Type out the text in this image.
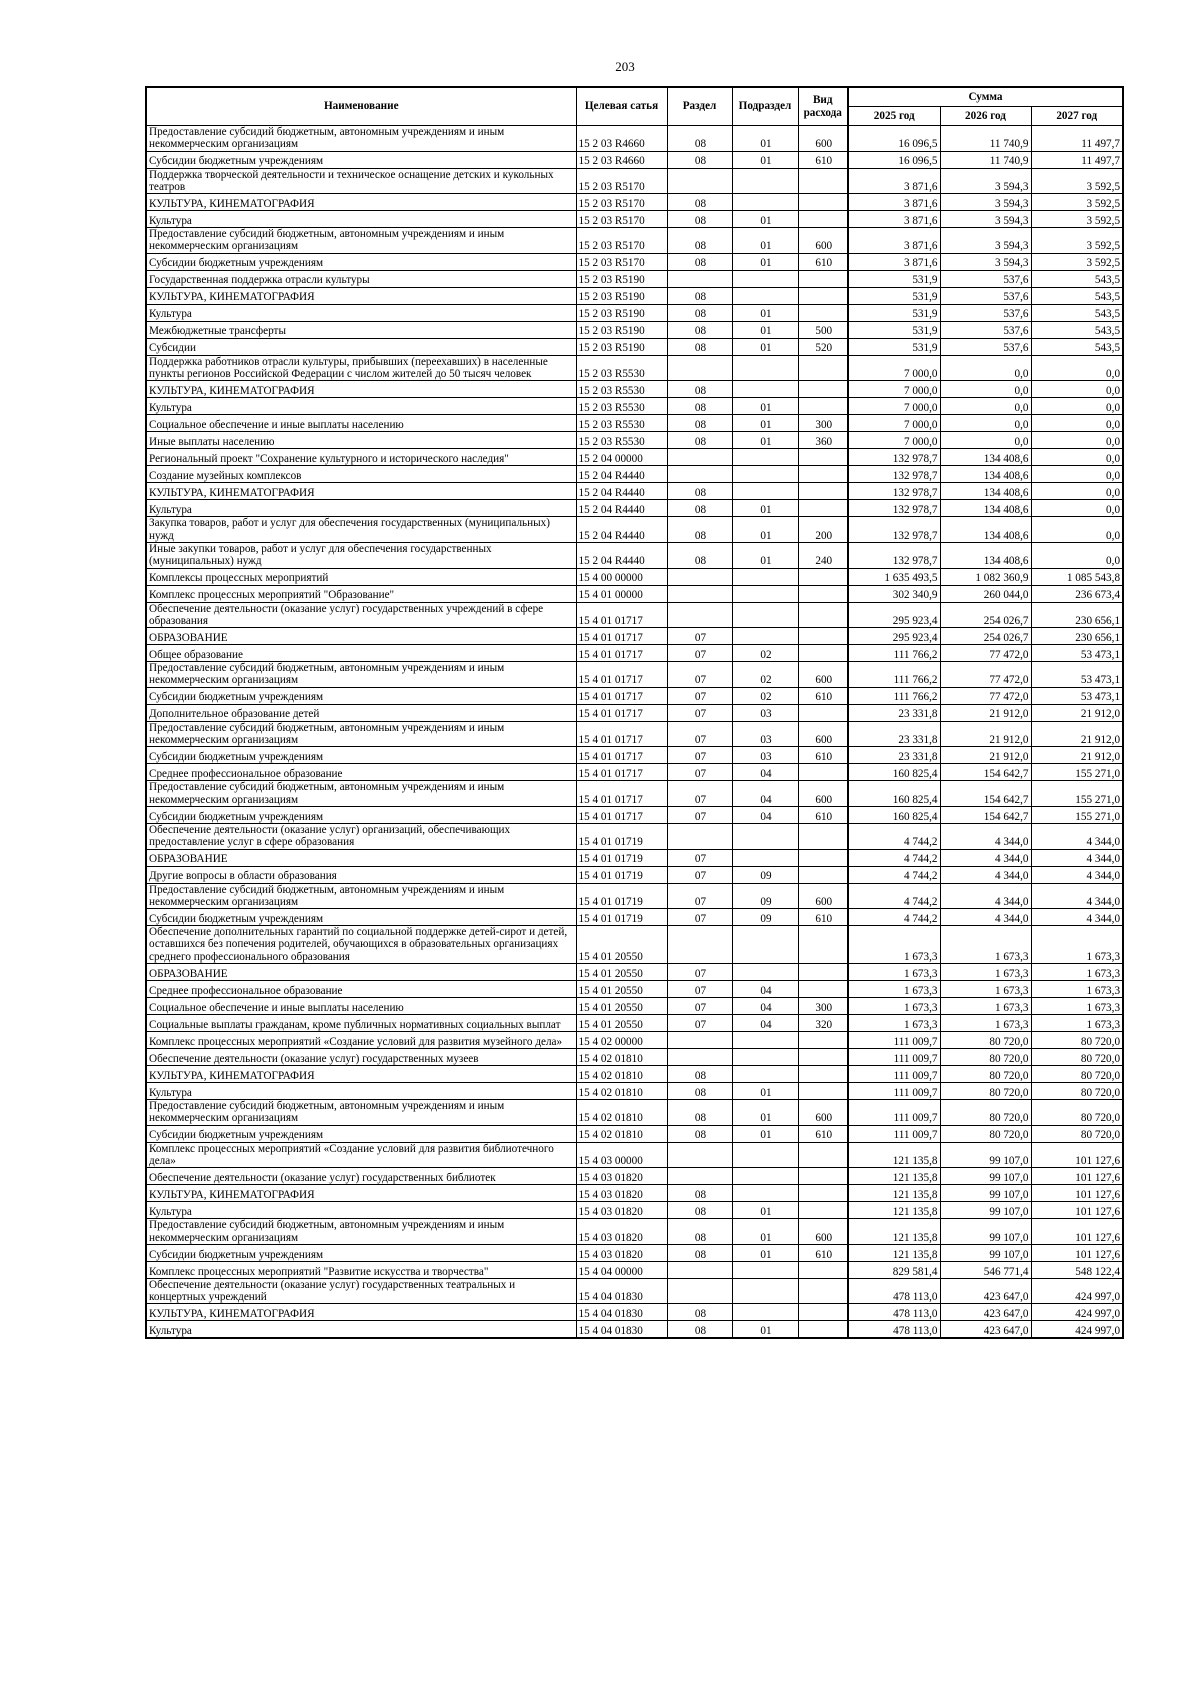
203
Наименование	Целевая сатья	Раздел	Подраздел	Вид расхода	Сумма		
					2025 год	2026 год	2027 год
Предоставление субсидий бюджетным, автономным учреждениям и иным некоммерческим организациям	15 2 03 R4660	08	01	600	16 096,5	11 740,9	11 497,7
Субсидии бюджетным учреждениям	15 2 03 R4660	08	01	610	16 096,5	11 740,9	11 497,7
Поддержка творческой деятельности и техническое оснащение детских и кукольных театров	15 2 03 R5170				3 871,6	3 594,3	3 592,5
КУЛЬТУРА, КИНЕМАТОГРАФИЯ	15 2 03 R5170	08			3 871,6	3 594,3	3 592,5
Культура	15 2 03 R5170	08	01		3 871,6	3 594,3	3 592,5
Предоставление субсидий бюджетным, автономным учреждениям и иным некоммерческим организациям	15 2 03 R5170	08	01	600	3 871,6	3 594,3	3 592,5
Субсидии бюджетным учреждениям	15 2 03 R5170	08	01	610	3 871,6	3 594,3	3 592,5
Государственная поддержка отрасли культуры	15 2 03 R5190				531,9	537,6	543,5
КУЛЬТУРА, КИНЕМАТОГРАФИЯ	15 2 03 R5190	08			531,9	537,6	543,5
Культура	15 2 03 R5190	08	01		531,9	537,6	543,5
Межбюджетные трансферты	15 2 03 R5190	08	01	500	531,9	537,6	543,5
Субсидии	15 2 03 R5190	08	01	520	531,9	537,6	543,5
Поддержка работников отрасли культуры, прибывших (переехавших) в населенные пункты регионов Российской Федерации с числом жителей до 50 тысяч человек	15 2 03 R5530				7 000,0	0,0	0,0
КУЛЬТУРА, КИНЕМАТОГРАФИЯ	15 2 03 R5530	08			7 000,0	0,0	0,0
Культура	15 2 03 R5530	08	01		7 000,0	0,0	0,0
Социальное обеспечение и иные выплаты населению	15 2 03 R5530	08	01	300	7 000,0	0,0	0,0
Иные выплаты населению	15 2 03 R5530	08	01	360	7 000,0	0,0	0,0
Региональный проект "Сохранение культурного и исторического наследия"	15 2 04 00000				132 978,7	134 408,6	0,0
Создание музейных комплексов	15 2 04 R4440				132 978,7	134 408,6	0,0
КУЛЬТУРА, КИНЕМАТОГРАФИЯ	15 2 04 R4440	08			132 978,7	134 408,6	0,0
Культура	15 2 04 R4440	08	01		132 978,7	134 408,6	0,0
Закупка товаров, работ и услуг для обеспечения государственных (муниципальных) нужд	15 2 04 R4440	08	01	200	132 978,7	134 408,6	0,0
Иные закупки товаров, работ и услуг для обеспечения государственных (муниципальных) нужд	15 2 04 R4440	08	01	240	132 978,7	134 408,6	0,0
Комплексы процессных мероприятий	15 4 00 00000				1 635 493,5	1 082 360,9	1 085 543,8
Комплекс процессных мероприятий "Образование"	15 4 01 00000				302 340,9	260 044,0	236 673,4
Обеспечение деятельности (оказание услуг) государственных учреждений в сфере образования	15 4 01 01717				295 923,4	254 026,7	230 656,1
ОБРАЗОВАНИЕ	15 4 01 01717	07			295 923,4	254 026,7	230 656,1
Общее образование	15 4 01 01717	07	02		111 766,2	77 472,0	53 473,1
Предоставление субсидий бюджетным, автономным учреждениям и иным некоммерческим организациям	15 4 01 01717	07	02	600	111 766,2	77 472,0	53 473,1
Субсидии бюджетным учреждениям	15 4 01 01717	07	02	610	111 766,2	77 472,0	53 473,1
Дополнительное образование детей	15 4 01 01717	07	03		23 331,8	21 912,0	21 912,0
Предоставление субсидий бюджетным, автономным учреждениям и иным некоммерческим организациям	15 4 01 01717	07	03	600	23 331,8	21 912,0	21 912,0
Субсидии бюджетным учреждениям	15 4 01 01717	07	03	610	23 331,8	21 912,0	21 912,0
Среднее профессиональное образование	15 4 01 01717	07	04		160 825,4	154 642,7	155 271,0
Предоставление субсидий бюджетным, автономным учреждениям и иным некоммерческим организациям	15 4 01 01717	07	04	600	160 825,4	154 642,7	155 271,0
Субсидии бюджетным учреждениям	15 4 01 01717	07	04	610	160 825,4	154 642,7	155 271,0
Обеспечение деятельности (оказание услуг) организаций, обеспечивающих предоставление услуг в сфере образования	15 4 01 01719				4 744,2	4 344,0	4 344,0
ОБРАЗОВАНИЕ	15 4 01 01719	07			4 744,2	4 344,0	4 344,0
Другие вопросы в области образования	15 4 01 01719	07	09		4 744,2	4 344,0	4 344,0
Предоставление субсидий бюджетным, автономным учреждениям и иным некоммерческим организациям	15 4 01 01719	07	09	600	4 744,2	4 344,0	4 344,0
Субсидии бюджетным учреждениям	15 4 01 01719	07	09	610	4 744,2	4 344,0	4 344,0
Обеспечение дополнительных гарантий по социальной поддержке детей-сирот и детей, оставшихся без попечения родителей, обучающихся в образовательных организациях среднего профессионального образования	15 4 01 20550				1 673,3	1 673,3	1 673,3
ОБРАЗОВАНИЕ	15 4 01 20550	07			1 673,3	1 673,3	1 673,3
Среднее профессиональное образование	15 4 01 20550	07	04		1 673,3	1 673,3	1 673,3
Социальное обеспечение и иные выплаты населению	15 4 01 20550	07	04	300	1 673,3	1 673,3	1 673,3
Социальные выплаты гражданам, кроме публичных нормативных социальных выплат	15 4 01 20550	07	04	320	1 673,3	1 673,3	1 673,3
Комплекс процессных мероприятий «Создание условий для развития музейного дела»	15 4 02 00000				111 009,7	80 720,0	80 720,0
Обеспечение деятельности (оказание услуг) государственных музеев	15 4 02 01810				111 009,7	80 720,0	80 720,0
КУЛЬТУРА, КИНЕМАТОГРАФИЯ	15 4 02 01810	08			111 009,7	80 720,0	80 720,0
Культура	15 4 02 01810	08	01		111 009,7	80 720,0	80 720,0
Предоставление субсидий бюджетным, автономным учреждениям и иным некоммерческим организациям	15 4 02 01810	08	01	600	111 009,7	80 720,0	80 720,0
Субсидии бюджетным учреждениям	15 4 02 01810	08	01	610	111 009,7	80 720,0	80 720,0
Комплекс процессных мероприятий «Создание условий для развития библиотечного дела»	15 4 03 00000				121 135,8	99 107,0	101 127,6
Обеспечение деятельности (оказание услуг) государственных библиотек	15 4 03 01820				121 135,8	99 107,0	101 127,6
КУЛЬТУРА, КИНЕМАТОГРАФИЯ	15 4 03 01820	08			121 135,8	99 107,0	101 127,6
Культура	15 4 03 01820	08	01		121 135,8	99 107,0	101 127,6
Предоставление субсидий бюджетным, автономным учреждениям и иным некоммерческим организациям	15 4 03 01820	08	01	600	121 135,8	99 107,0	101 127,6
Субсидии бюджетным учреждениям	15 4 03 01820	08	01	610	121 135,8	99 107,0	101 127,6
Комплекс процессных мероприятий "Развитие искусства и творчества"	15 4 04 00000				829 581,4	546 771,4	548 122,4
Обеспечение деятельности (оказание услуг) государственных театральных и концертных учреждений	15 4 04 01830				478 113,0	423 647,0	424 997,0
КУЛЬТУРА, КИНЕМАТОГРАФИЯ	15 4 04 01830	08			478 113,0	423 647,0	424 997,0
Культура	15 4 04 01830	08	01		478 113,0	423 647,0	424 997,0
